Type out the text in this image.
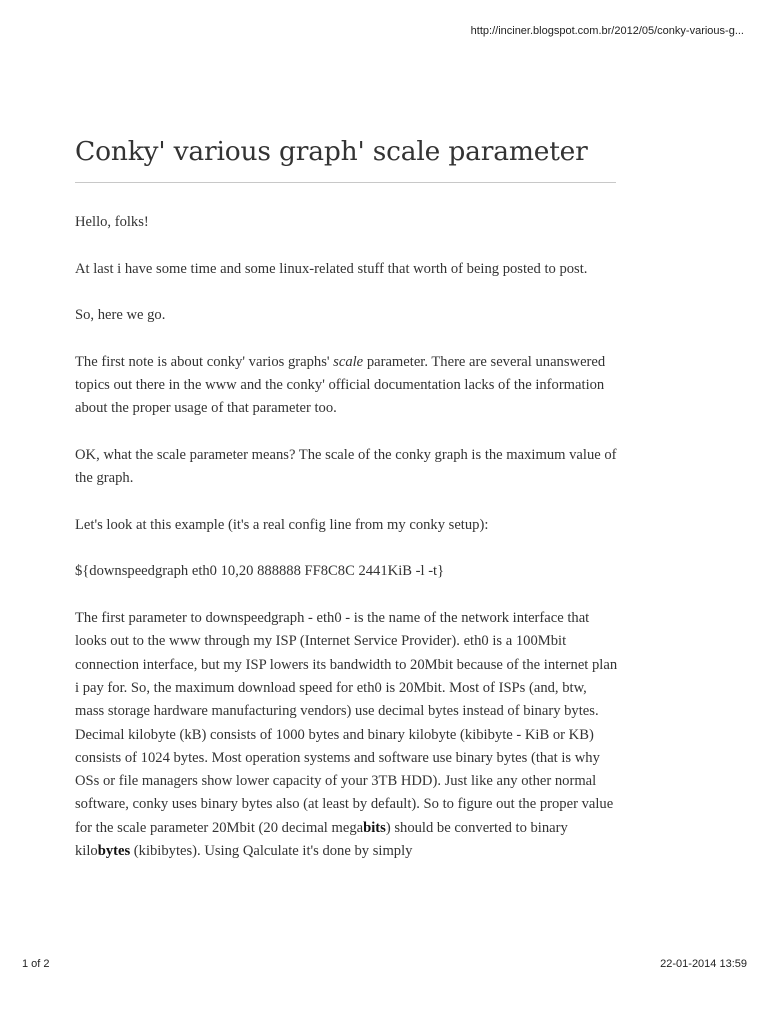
http://inciner.blogspot.com.br/2012/05/conky-various-g...
Conky' various graph' scale parameter

Hello, folks!

At last i have some time and some linux-related stuff that worth of being posted to post.

So, here we go.

The first note is about conky' varios graphs' scale parameter. There are several unanswered topics out there in the www and the conky' official documentation lacks of the information about the proper usage of that parameter too.

OK, what the scale parameter means? The scale of the conky graph is the maximum value of the graph.

Let's look at this example (it's a real config line from my conky setup):

${downspeedgraph eth0 10,20 888888 FF8C8C 2441KiB -l -t}

The first parameter to downspeedgraph - eth0 - is the name of the network interface that looks out to the www through my ISP (Internet Service Provider). eth0 is a 100Mbit connection interface, but my ISP lowers its bandwidth to 20Mbit because of the internet plan i pay for. So, the maximum download speed for eth0 is 20Mbit. Most of ISPs (and, btw, mass storage hardware manufacturing vendors) use decimal bytes instead of binary bytes. Decimal kilobyte (kB) consists of 1000 bytes and binary kilobyte (kibibyte - KiB or KB) consists of 1024 bytes. Most operation systems and software use binary bytes (that is why OSs or file managers show lower capacity of your 3TB HDD). Just like any other normal software, conky uses binary bytes also (at least by default). So to figure out the proper value for the scale parameter 20Mbit (20 decimal megabits) should be converted to binary kilobytes (kibibytes). Using Qalculate it's done by simply

1 of 2	22-01-2014 13:59
